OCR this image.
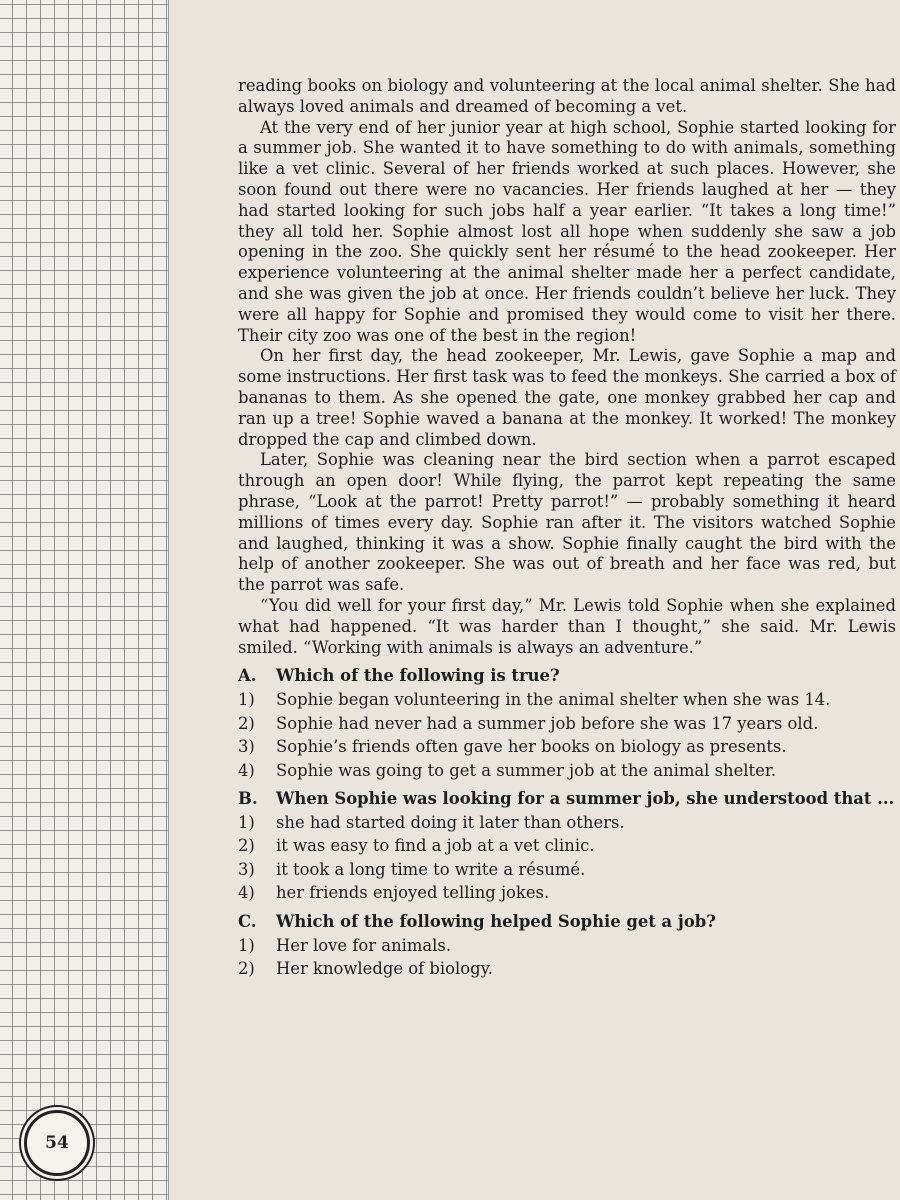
54

reading books on biology and volunteering at the local animal shelter. She had always loved animals and dreamed of becoming a vet.

At the very end of her junior year at high school, Sophie started looking for a summer job. She wanted it to have something to do with animals, something like a vet clinic. Several of her friends worked at such places. However, she soon found out there were no vacancies. Her friends laughed at her — they had started looking for such jobs half a year earlier. “It takes a long time!” they all told her. Sophie almost lost all hope when suddenly she saw a job opening in the zoo. She quickly sent her résumé to the head zookeeper. Her experience volunteering at the animal shelter made her a perfect candidate, and she was given the job at once. Her friends couldn’t believe her luck. They were all happy for Sophie and promised they would come to visit her there. Their city zoo was one of the best in the region!

On her first day, the head zookeeper, Mr. Lewis, gave Sophie a map and some instructions. Her first task was to feed the monkeys. She carried a box of bananas to them. As she opened the gate, one monkey grabbed her cap and ran up a tree! Sophie waved a banana at the monkey. It worked! The monkey dropped the cap and climbed down.

Later, Sophie was cleaning near the bird section when a parrot escaped through an open door! While flying, the parrot kept repeating the same phrase, “Look at the parrot! Pretty parrot!” — probably something it heard millions of times every day. Sophie ran after it. The visitors watched Sophie and laughed, thinking it was a show. Sophie finally caught the bird with the help of another zookeeper. She was out of breath and her face was red, but the parrot was safe.

“You did well for your first day,” Mr. Lewis told Sophie when she explained what had happened. “It was harder than I thought,” she said. Mr. Lewis smiled. “Working with animals is always an adventure.”

A.	Which of the following is true?
1)	Sophie began volunteering in the animal shelter when she was 14.
2)	Sophie had never had a summer job before she was 17 years old.
3)	Sophie’s friends often gave her books on biology as presents.
4)	Sophie was going to get a summer job at the animal shelter.
B.	When Sophie was looking for a summer job, she understood that ...
1)	she had started doing it later than others.
2)	it was easy to find a job at a vet clinic.
3)	it took a long time to write a résumé.
4)	her friends enjoyed telling jokes.
C.	Which of the following helped Sophie get a job?
1)	Her love for animals.
2)	Her knowledge of biology.
